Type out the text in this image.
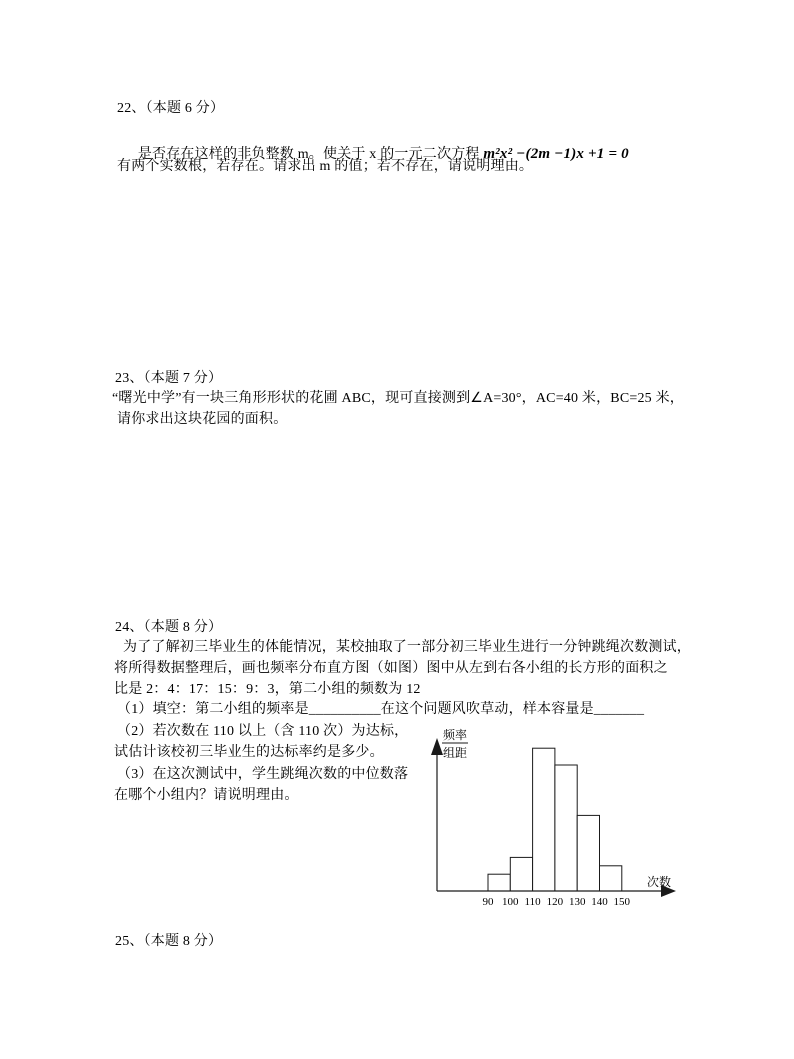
22、（本题 6 分）

是否存在这样的非负整数 m。使关于 x 的一元二次方程 m²x² −(2m −1)x +1 = 0

有两个实数根，若存在。请求出 m 的值；若不存在，请说明理由。
23、（本题 7 分）
“曙光中学”有一块三角形形状的花圃 ABC，现可直接测到∠A=30°，AC=40 米，BC=25 米，
请你求出这块花园的面积。
24、（本题 8 分）
为了了解初三毕业生的体能情况，某校抽取了一部分初三毕业生进行一分钟跳绳次数测试，
将所得数据整理后，画也频率分布直方图（如图）图中从左到右各小组的长方形的面积之
比是 2：4：17：15：9：3，第二小组的频数为 12
（1）填空：第二小组的频率是__________在这个问题风吹草动，样本容量是_______
（2）若次数在 110 以上（含 110 次）为达标，
试估计该校初三毕业生的达标率约是多少。
（3）在这次测试中，学生跳绳次数的中位数落
在哪个小组内？请说明理由。
90 100 110 120 130 140 150
频率
组距
次数
25、（本题 8 分）
